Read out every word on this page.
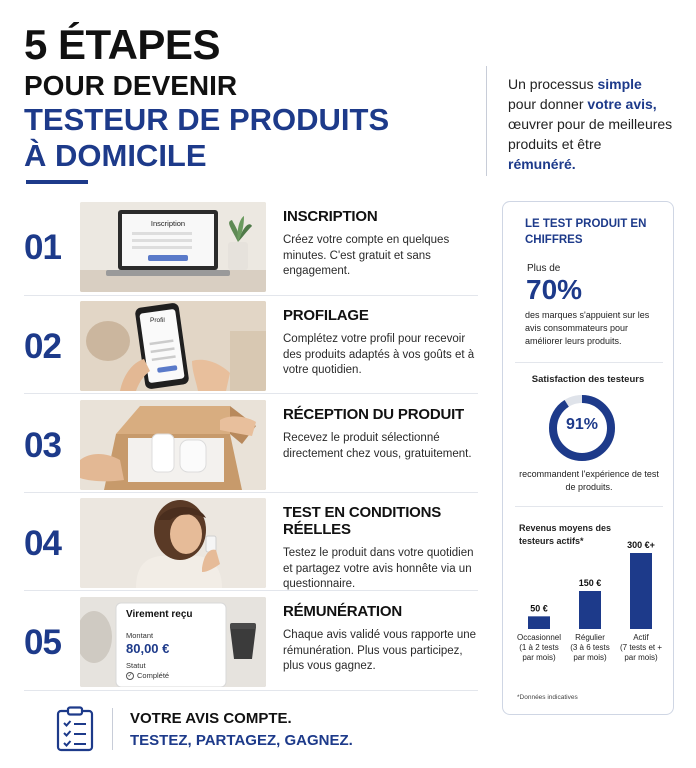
5 ÉTAPES
POUR DEVENIR
TESTEUR DE PRODUITS
À DOMICILE
Un processus simple
pour donner votre avis,
œuvrer pour de meilleures produits et être
rémunéré.
01
Inscription	INSCRIPTION
Créez votre compte en quelques minutes. C'est gratuit et sans engagement.
02
Profil	PROFILAGE
Complétez votre profil pour recevoir des produits adaptés à vos goûts et à votre quotidien.
03
RÉCEPTION DU PRODUIT
Recevez le produit sélectionné directement chez vous, gratuitement.
04
TEST EN CONDITIONS RÉELLES
Testez le produit dans votre quotidien et partagez votre avis honnête via un questionnaire.
05
Virement reçu
Montant
80,00 €
Statut
✓ Complété
RÉMUNÉRATION
Chaque avis validé vous rapporte une rémunération. Plus vous participez, plus vous gagnez.
VOTRE AVIS COMPTE.
TESTEZ, PARTAGEZ, GAGNEZ.
LE TEST PRODUIT EN CHIFFRES
Plus de
70%
des marques s'appuient sur les avis consommateurs pour améliorer leurs produits.
Satisfaction des testeurs
91%
recommandent l'expérience de test de produits.
Revenus moyens des testeurs actifs*
50 €
Occasionnel (1 à 2 tests par mois)
150 €
Régulier (3 à 6 tests par mois)
300 €+
Actif (7 tests et + par mois)
*Données indicatives
